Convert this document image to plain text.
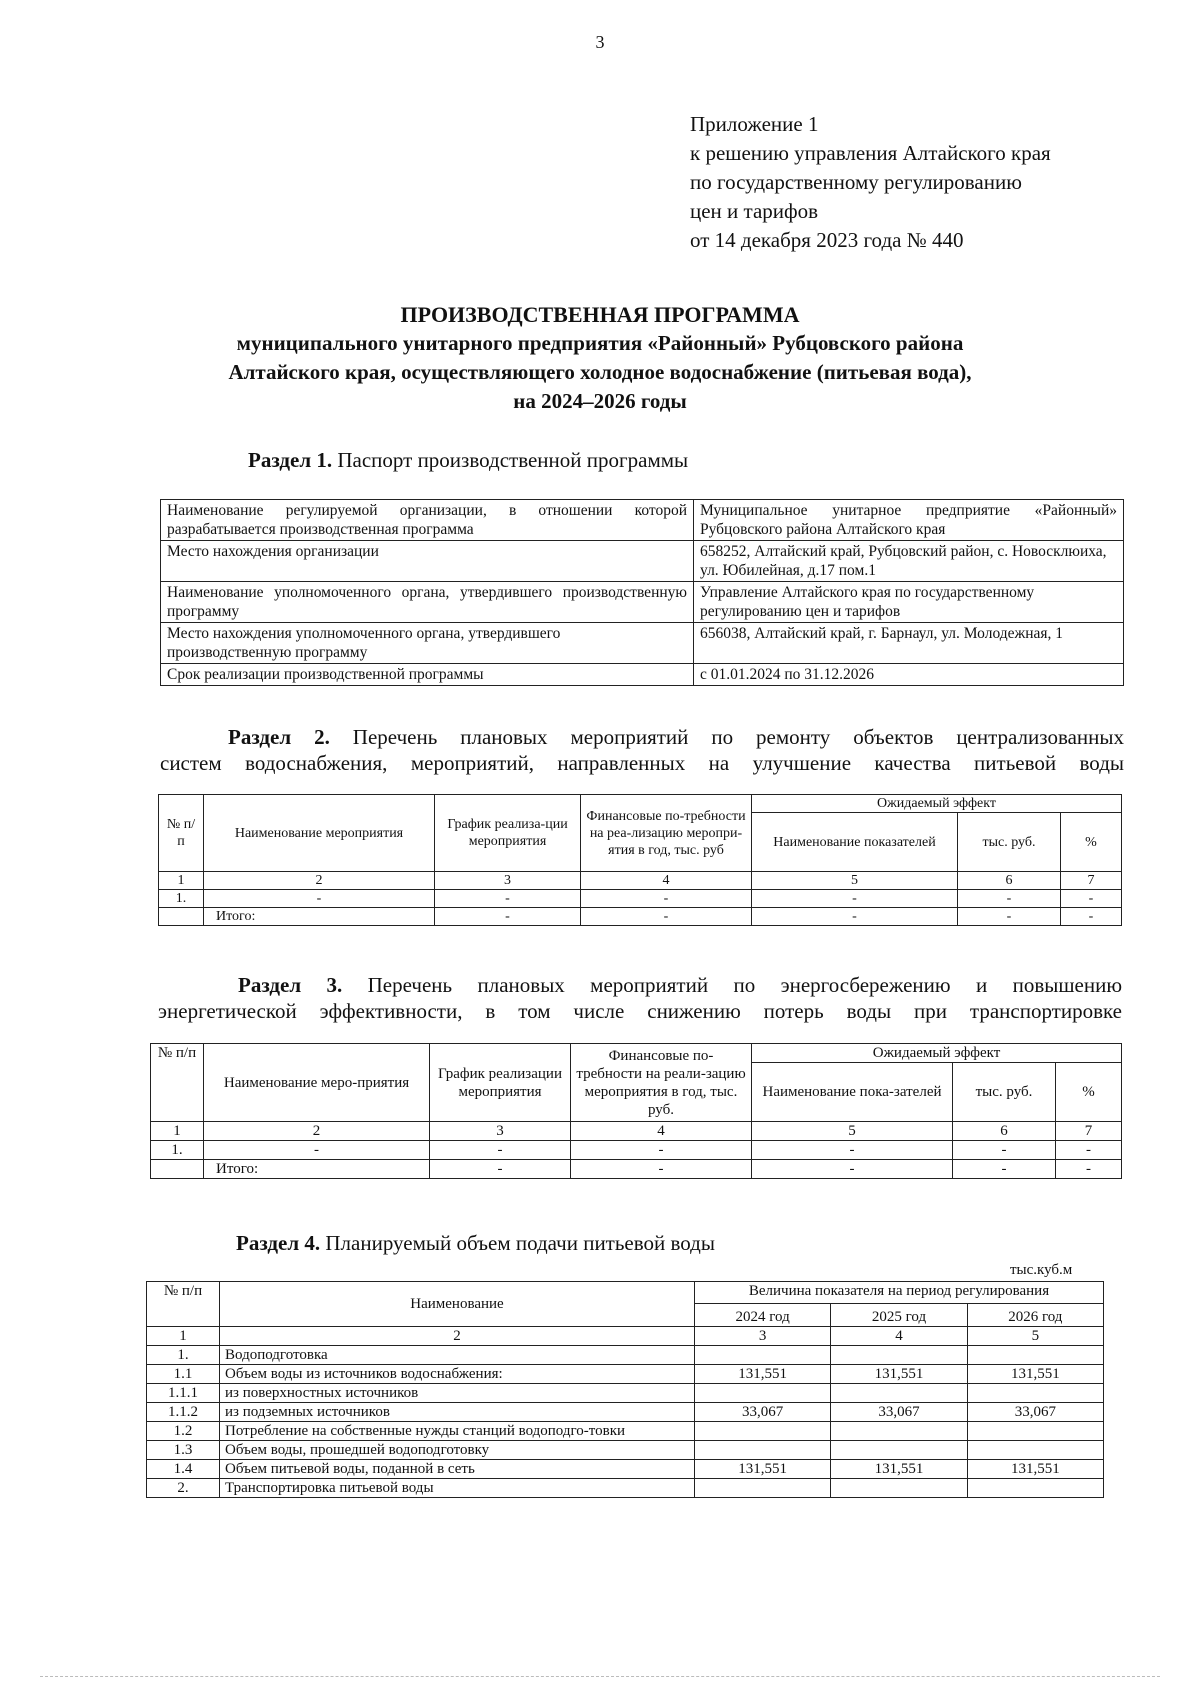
3
Приложение 1
к решению управления Алтайского края
по государственному регулированию
цен и тарифов
от 14 декабря 2023 года № 440
ПРОИЗВОДСТВЕННАЯ ПРОГРАММА
муниципального унитарного предприятия «Районный» Рубцовского района
Алтайского края, осуществляющего холодное водоснабжение (питьевая вода),
на 2024–2026 годы
Раздел 1. Паспорт производственной программы
Наименование регулируемой организации, в отношении которой разрабатывается производственная программа	Муниципальное унитарное предприятие «Районный» Рубцовского района Алтайского края
Место нахождения организации	658252, Алтайский край, Рубцовский район, с. Новосклюиха, ул. Юбилейная, д.17 пом.1
Наименование уполномоченного органа, утвердившего производственную программу	Управление Алтайского края по государственному регулированию цен и тарифов
Место нахождения уполномоченного органа, утвердившего производственную программу	656038, Алтайский край, г. Барнаул, ул. Молодежная, 1
Срок реализации производственной программы	с 01.01.2024 по 31.12.2026
Раздел 2. Перечень плановых мероприятий по ремонту объектов централизованных
систем водоснабжения, мероприятий, направленных на улучшение качества питьевой воды
№ п/п	Наименование мероприятия	График реализа-ции мероприятия	Финансовые по-требности на реа-лизацию меропри-ятия в год, тыс. руб	Ожидаемый эффект		
				Наименование показателей	тыс. руб.	%
1	2	3	4	5	6	7
1.	-	-	-	-	-	-
	Итого:	-	-	-	-	-
Раздел 3. Перечень плановых мероприятий по энергосбережению и повышению
энергетической эффективности, в том числе снижению потерь воды при транспортировке
№ п/п	Наименование меро-приятия	График реализации мероприятия	Финансовые по-требности на реали-зацию мероприятия в год, тыс. руб.	Ожидаемый эффект		
				Наименование пока-зателей	тыс. руб.	%
1	2	3	4	5	6	7
1.	-	-	-	-	-	-
	Итого:	-	-	-	-	-
Раздел 4. Планируемый объем подачи питьевой воды
тыс.куб.м
№ п/п	Наименование	Величина показателя на период регулирования		
		2024 год	2025 год	2026 год
1	2	3	4	5
1.	Водоподготовка			
1.1	Объем воды из источников водоснабжения:	131,551	131,551	131,551
1.1.1	из поверхностных источников			
1.1.2	из подземных источников	33,067	33,067	33,067
1.2	Потребление на собственные нужды станций водоподго-товки			
1.3	Объем воды, прошедшей водоподготовку			
1.4	Объем питьевой воды, поданной в сеть	131,551	131,551	131,551
2.	Транспортировка питьевой воды			
